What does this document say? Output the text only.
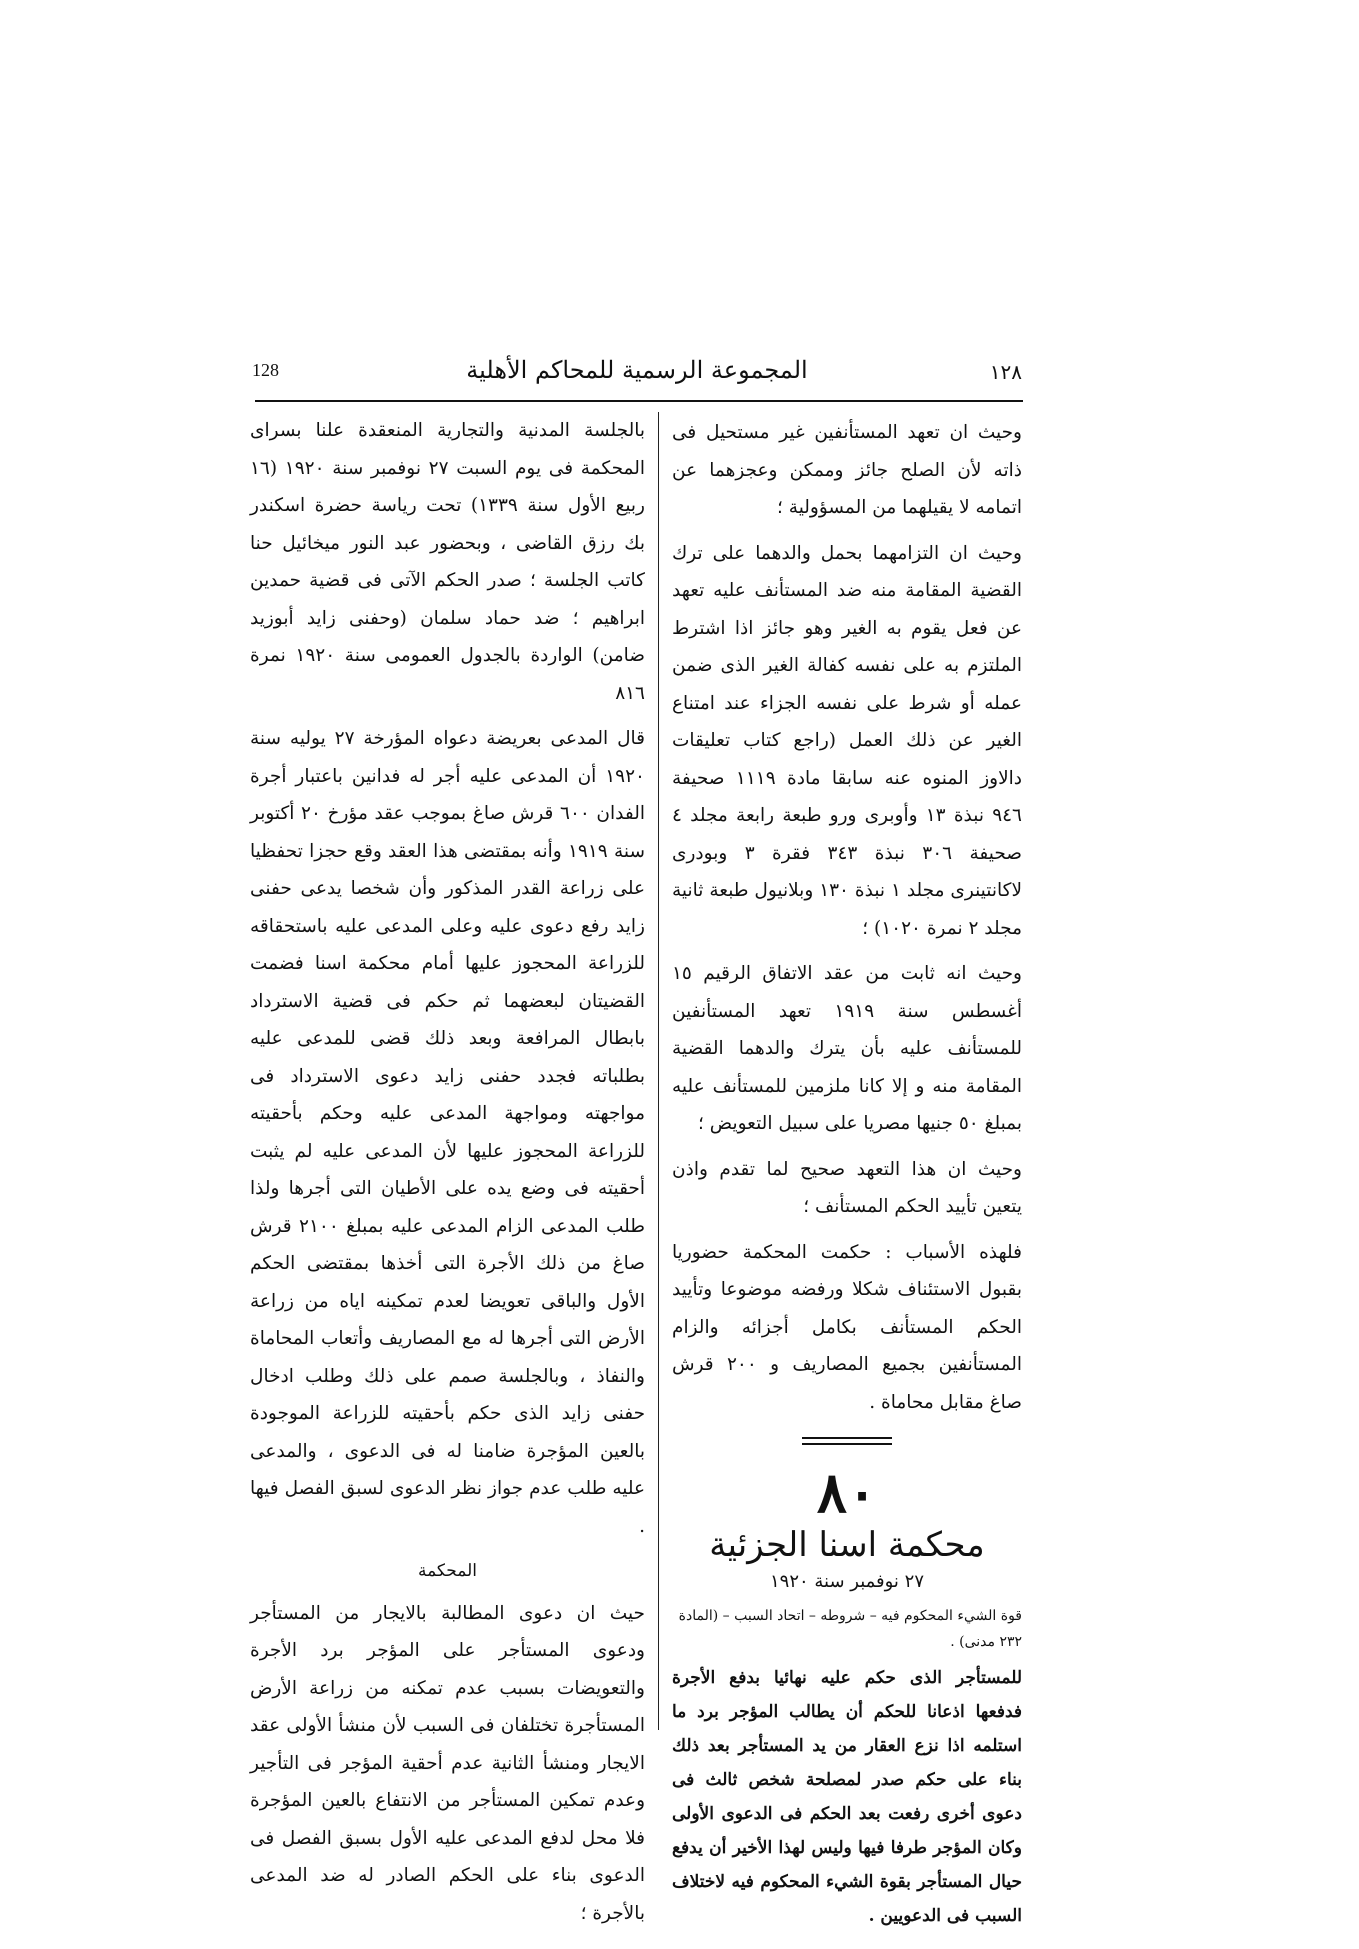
128	المجموعة الرسمية للمحاكم الأهلية	١٢٨

وحيث ان تعهد المستأنفين غير مستحيل فى ذاته لأن الصلح جائز وممكن وعجزهما عن اتمامه لا يقيلهما من المسؤولية ؛

وحيث ان التزامهما بحمل والدهما على ترك القضية المقامة منه ضد المستأنف عليه تعهد عن فعل يقوم به الغير وهو جائز اذا اشترط الملتزم به على نفسه كفالة الغير الذى ضمن عمله أو شرط على نفسه الجزاء عند امتناع الغير عن ذلك العمل (راجع كتاب تعليقات دالاوز المنوه عنه سابقا مادة ١١١٩ صحيفة ٩٤٦ نبذة ١٣ وأوبرى ورو طبعة رابعة مجلد ٤ صحيفة ٣٠٦ نبذة ٣٤٣ فقرة ٣ وبودرى لاكانتينرى مجلد ١ نبذة ١٣٠ وبلانيول طبعة ثانية مجلد ٢ نمرة ١٠٢٠) ؛

وحيث انه ثابت من عقد الاتفاق الرقيم ١٥ أغسطس سنة ١٩١٩ تعهد المستأنفين للمستأنف عليه بأن يترك والدهما القضية المقامة منه و إلا كانا ملزمين للمستأنف عليه بمبلغ ٥٠ جنيها مصريا على سبيل التعويض ؛

وحيث ان هذا التعهد صحيح لما تقدم واذن يتعين تأييد الحكم المستأنف ؛

فلهذه الأسباب : حكمت المحكمة حضوريا بقبول الاستئناف شكلا ورفضه موضوعا وتأييد الحكم المستأنف بكامل أجزائه والزام المستأنفين بجميع المصاريف و ٢٠٠ قرش صاغ مقابل محاماة .

٨٠
محكمة اسنا الجزئية
٢٧ نوفمبر سنة ١٩٢٠

قوة الشيء المحكوم فيه – شروطه – اتحاد السبب – (المادة ٢٣٢ مدنى) .

للمستأجر الذى حكم عليه نهائيا بدفع الأجرة فدفعها اذعانا للحكم أن يطالب المؤجر برد ما استلمه اذا نزع العقار من يد المستأجر بعد ذلك بناء على حكم صدر لمصلحة شخص ثالث فى دعوى أخرى رفعت بعد الحكم فى الدعوى الأولى وكان المؤجر طرفا فيها وليس لهذا الأخير أن يدفع حيال المستأجر بقوة الشيء المحكوم فيه لاختلاف السبب فى الدعويين .

بالجلسة المدنية والتجارية المنعقدة علنا بسراى المحكمة فى يوم السبت ٢٧ نوفمبر سنة ١٩٢٠ (١٦ ربيع الأول سنة ١٣٣٩) تحت رياسة حضرة اسكندر بك رزق القاضى ، وبحضور عبد النور ميخائيل حنا كاتب الجلسة ؛ صدر الحكم الآتى فى قضية حمدين ابراهيم ؛ ضد حماد سلمان (وحفنى زايد أبوزيد ضامن) الواردة بالجدول العمومى سنة ١٩٢٠ نمرة ٨١٦

قال المدعى بعريضة دعواه المؤرخة ٢٧ يوليه سنة ١٩٢٠ أن المدعى عليه أجر له فدانين باعتبار أجرة الفدان ٦٠٠ قرش صاغ بموجب عقد مؤرخ ٢٠ أكتوبر سنة ١٩١٩ وأنه بمقتضى هذا العقد وقع حجزا تحفظيا على زراعة القدر المذكور وأن شخصا يدعى حفنى زايد رفع دعوى عليه وعلى المدعى عليه باستحقاقه للزراعة المحجوز عليها أمام محكمة اسنا فضمت القضيتان لبعضهما ثم حكم فى قضية الاسترداد بابطال المرافعة وبعد ذلك قضى للمدعى عليه بطلباته فجدد حفنى زايد دعوى الاسترداد فى مواجهته ومواجهة المدعى عليه وحكم بأحقيته للزراعة المحجوز عليها لأن المدعى عليه لم يثبت أحقيته فى وضع يده على الأطيان التى أجرها ولذا طلب المدعى الزام المدعى عليه بمبلغ ٢١٠٠ قرش صاغ من ذلك الأجرة التى أخذها بمقتضى الحكم الأول والباقى تعويضا لعدم تمكينه اياه من زراعة الأرض التى أجرها له مع المصاريف وأتعاب المحاماة والنفاذ ، وبالجلسة صمم على ذلك وطلب ادخال حفنى زايد الذى حكم بأحقيته للزراعة الموجودة بالعين المؤجرة ضامنا له فى الدعوى ، والمدعى عليه طلب عدم جواز نظر الدعوى لسبق الفصل فيها .

المحكمة

حيث ان دعوى المطالبة بالايجار من المستأجر ودعوى المستأجر على المؤجر برد الأجرة والتعويضات بسبب عدم تمكنه من زراعة الأرض المستأجرة تختلفان فى السبب لأن منشأ الأولى عقد الايجار ومنشأ الثانية عدم أحقية المؤجر فى التأجير وعدم تمكين المستأجر من الانتفاع بالعين المؤجرة فلا محل لدفع المدعى عليه الأول بسبق الفصل فى الدعوى بناء على الحكم الصادر له ضد المدعى بالأجرة ؛
